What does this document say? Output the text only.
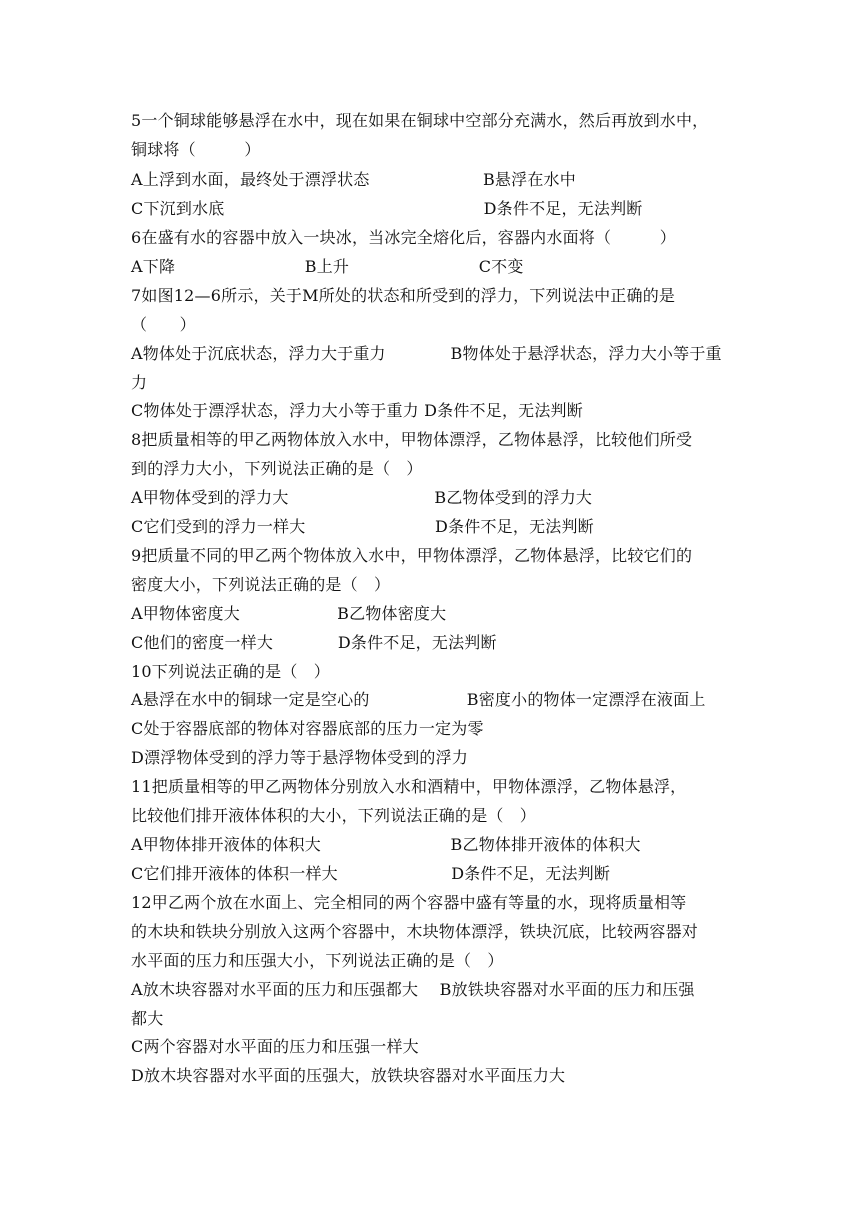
5一个铜球能够悬浮在水中，现在如果在铜球中空部分充满水，然后再放到水中，
铜球将（　　　）
A上浮到水面，最终处于漂浮状态　　　　　　　B悬浮在水中
C下沉到水底　　　　　　　　　　　　　　　　D条件不足，无法判断
6在盛有水的容器中放入一块冰，当冰完全熔化后，容器内水面将（　　　）
A下降　　　　　　　　B上升　　　　　　　　C不变
7如图12—6所示，关于M所处的状态和所受到的浮力，下列说法中正确的是
（　　）
A物体处于沉底状态，浮力大于重力　　　　B物体处于悬浮状态，浮力大小等于重
力
C物体处于漂浮状态，浮力大小等于重力 D条件不足，无法判断
8把质量相等的甲乙两物体放入水中，甲物体漂浮，乙物体悬浮，比较他们所受
到的浮力大小，下列说法正确的是（　）
A甲物体受到的浮力大　　　　　　　　　B乙物体受到的浮力大
C它们受到的浮力一样大　　　　　　　　D条件不足，无法判断
9把质量不同的甲乙两个物体放入水中，甲物体漂浮，乙物体悬浮，比较它们的
密度大小，下列说法正确的是（　）
A甲物体密度大　　　　　　B乙物体密度大
C他们的密度一样大　　　　D条件不足，无法判断
10下列说法正确的是（　）
A悬浮在水中的铜球一定是空心的　　　　　　B密度小的物体一定漂浮在液面上
C处于容器底部的物体对容器底部的压力一定为零
D漂浮物体受到的浮力等于悬浮物体受到的浮力
11把质量相等的甲乙两物体分别放入水和酒精中，甲物体漂浮，乙物体悬浮，
比较他们排开液体体积的大小，下列说法正确的是（　）
A甲物体排开液体的体积大　　　　　　　　B乙物体排开液体的体积大
C它们排开液体的体积一样大　　　　　　　D条件不足，无法判断
12甲乙两个放在水面上、完全相同的两个容器中盛有等量的水，现将质量相等
的木块和铁块分别放入这两个容器中，木块物体漂浮，铁块沉底，比较两容器对
水平面的压力和压强大小，下列说法正确的是（　）
A放木块容器对水平面的压力和压强都大　 B放铁块容器对水平面的压力和压强
都大
C两个容器对水平面的压力和压强一样大
D放木块容器对水平面的压强大，放铁块容器对水平面压力大
